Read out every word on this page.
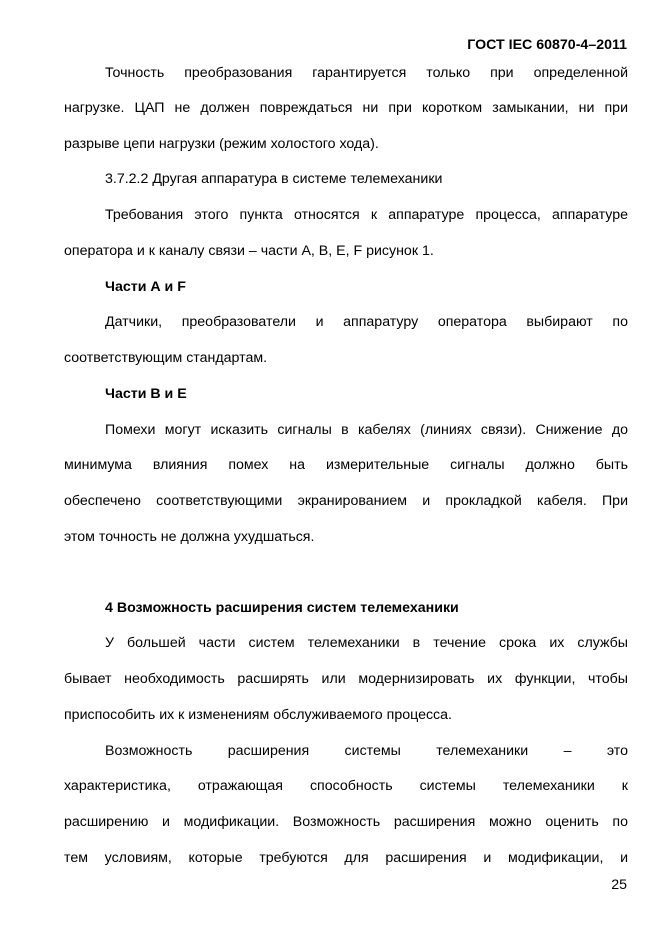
ГОСТ IEC 60870-4–2011
Точность преобразования гарантируется только при определенной
нагрузке. ЦАП не должен повреждаться ни при коротком замыкании, ни при
разрыве цепи нагрузки (режим холостого хода).
3.7.2.2 Другая аппаратура в системе телемеханики
Требования этого пункта относятся к аппаратуре процесса, аппаратуре
оператора и к каналу связи – части А, В, Е, F рисунок 1.
Части А и F
Датчики, преобразователи и аппаратуру оператора выбирают по
соответствующим стандартам.
Части В и Е
Помехи могут исказить сигналы в кабелях (линиях связи). Снижение до
минимума влияния помех на измерительные сигналы должно быть
обеспечено соответствующими экранированием и прокладкой кабеля. При
этом точность не должна ухудшаться.
4 Возможность расширения систем телемеханики
У большей части систем телемеханики в течение срока их службы
бывает необходимость расширять или модернизировать их функции, чтобы
приспособить их к изменениям обслуживаемого процесса.
Возможность расширения системы телемеханики – это
характеристика, отражающая способность системы телемеханики к
расширению и модификации. Возможность расширения можно оценить по
тем условиям, которые требуются для расширения и модификации, и
25
